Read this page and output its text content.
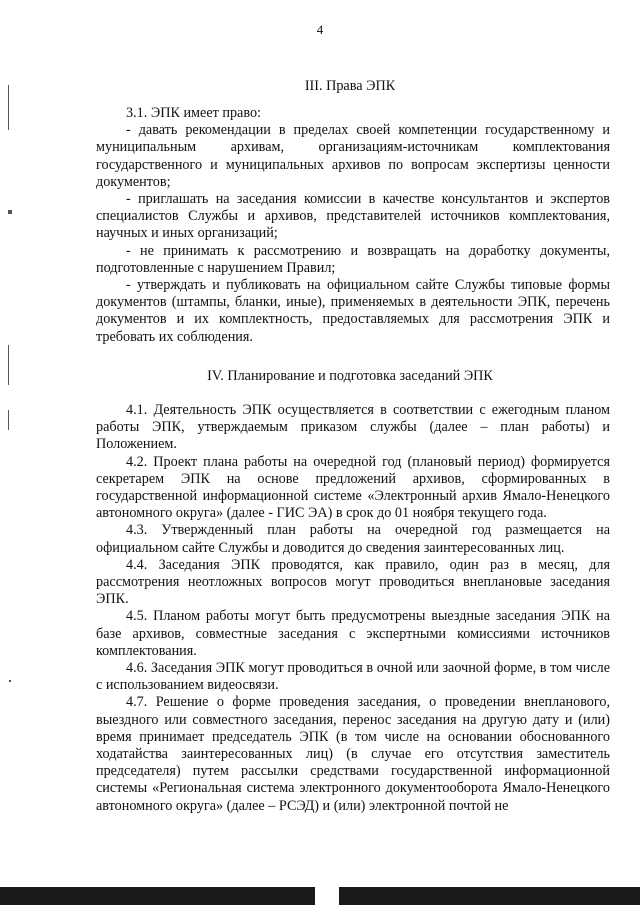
4
III. Права ЭПК

3.1. ЭПК имеет право:

- давать рекомендации в пределах своей компетенции государственному и муниципальным архивам, организациям-источникам комплектования государственного и муниципальных архивов по вопросам экспертизы ценности документов;

- приглашать на заседания комиссии в качестве консультантов и экспертов специалистов Службы и архивов, представителей источников комплектования, научных и иных организаций;

- не принимать к рассмотрению и возвращать на доработку документы, подготовленные с нарушением Правил;

- утверждать и публиковать на официальном сайте Службы типовые формы документов (штампы, бланки, иные), применяемых в деятельности ЭПК, перечень документов и их комплектность, предоставляемых для рассмотрения ЭПК и требовать их соблюдения.

IV. Планирование и подготовка заседаний ЭПК

4.1. Деятельность ЭПК осуществляется в соответствии с ежегодным планом работы ЭПК, утверждаемым приказом службы (далее – план работы) и Положением.

4.2. Проект плана работы на очередной год (плановый период) формируется секретарем ЭПК на основе предложений архивов, сформированных в государственной информационной системе «Электронный архив Ямало-Ненецкого автономного округа» (далее - ГИС ЭА) в срок до 01 ноября текущего года.

4.3. Утвержденный план работы на очередной год размещается на официальном сайте Службы и доводится до сведения заинтересованных лиц.

4.4. Заседания ЭПК проводятся, как правило, один раз в месяц, для рассмотрения неотложных вопросов могут проводиться внеплановые заседания ЭПК.

4.5. Планом работы могут быть предусмотрены выездные заседания ЭПК на базе архивов, совместные заседания с экспертными комиссиями источников комплектования.

4.6. Заседания ЭПК могут проводиться в очной или заочной форме, в том числе с использованием видеосвязи.

4.7. Решение о форме проведения заседания, о проведении внепланового, выездного или совместного заседания, перенос заседания на другую дату и (или) время принимает председатель ЭПК (в том числе на основании обоснованного ходатайства заинтересованных лиц) (в случае его отсутствия заместитель председателя) путем рассылки средствами государственной информационной системы «Региональная система электронного документооборота Ямало-Ненецкого автономного округа» (далее – РСЭД) и (или) электронной почтой не
